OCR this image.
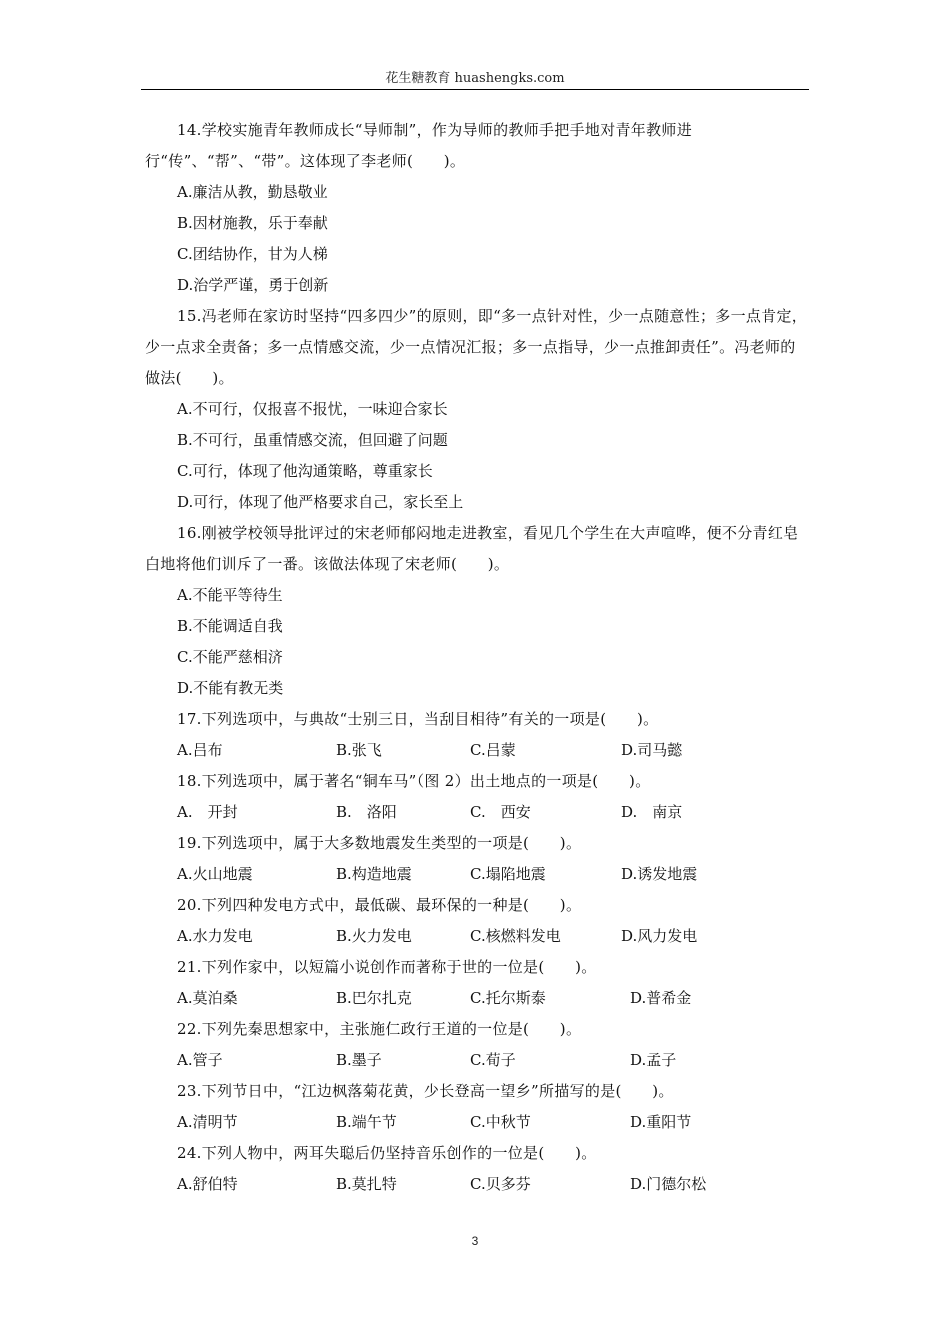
花生糖教育 huashengks.com

14.学校实施青年教师成长“导师制”，作为导师的教师手把手地对青年教师进行“传”、“帮”、“带”。这体现了李老师(　　)。

A.廉洁从教，勤恳敬业

B.因材施教，乐于奉献

C.团结协作，甘为人梯

D.治学严谨，勇于创新

15.冯老师在家访时坚持“四多四少”的原则，即“多一点针对性，少一点随意性；多一点肯定，少一点求全责备；多一点情感交流，少一点情况汇报；多一点指导，少一点推卸责任”。冯老师的做法(　　)。

A.不可行，仅报喜不报忧，一味迎合家长

B.不可行，虽重情感交流，但回避了问题

C.可行，体现了他沟通策略，尊重家长

D.可行，体现了他严格要求自己，家长至上

16.刚被学校领导批评过的宋老师郁闷地走进教室，看见几个学生在大声喧哗，便不分青红皂白地将他们训斥了一番。该做法体现了宋老师(　　)。

A.不能平等待生

B.不能调适自我

C.不能严慈相济

D.不能有教无类

17.下列选项中，与典故“士别三日，当刮目相待”有关的一项是(　　)。

A.吕布	B.张飞	C.吕蒙	D.司马懿

18.下列选项中，属于著名“铜车马”（图 2）出土地点的一项是(　　)。

A.　开封	B.　洛阳	C.　西安	D.　南京

19.下列选项中，属于大多数地震发生类型的一项是(　　)。

A.火山地震	B.构造地震	C.塌陷地震	D.诱发地震

20.下列四种发电方式中，最低碳、最环保的一种是(　　)。

A.水力发电	B.火力发电	C.核燃料发电	D.风力发电

21.下列作家中，以短篇小说创作而著称于世的一位是(　　)。

A.莫泊桑	B.巴尔扎克	C.托尔斯泰	D.普希金

22.下列先秦思想家中，主张施仁政行王道的一位是(　　)。

A.管子	B.墨子	C.荀子	D.孟子

23.下列节日中，“江边枫落菊花黄，少长登高一望乡”所描写的是(　　)。

A.清明节	B.端午节	C.中秋节	D.重阳节

24.下列人物中，两耳失聪后仍坚持音乐创作的一位是(　　)。

A.舒伯特	B.莫扎特	C.贝多芬	D.门德尔松
3
